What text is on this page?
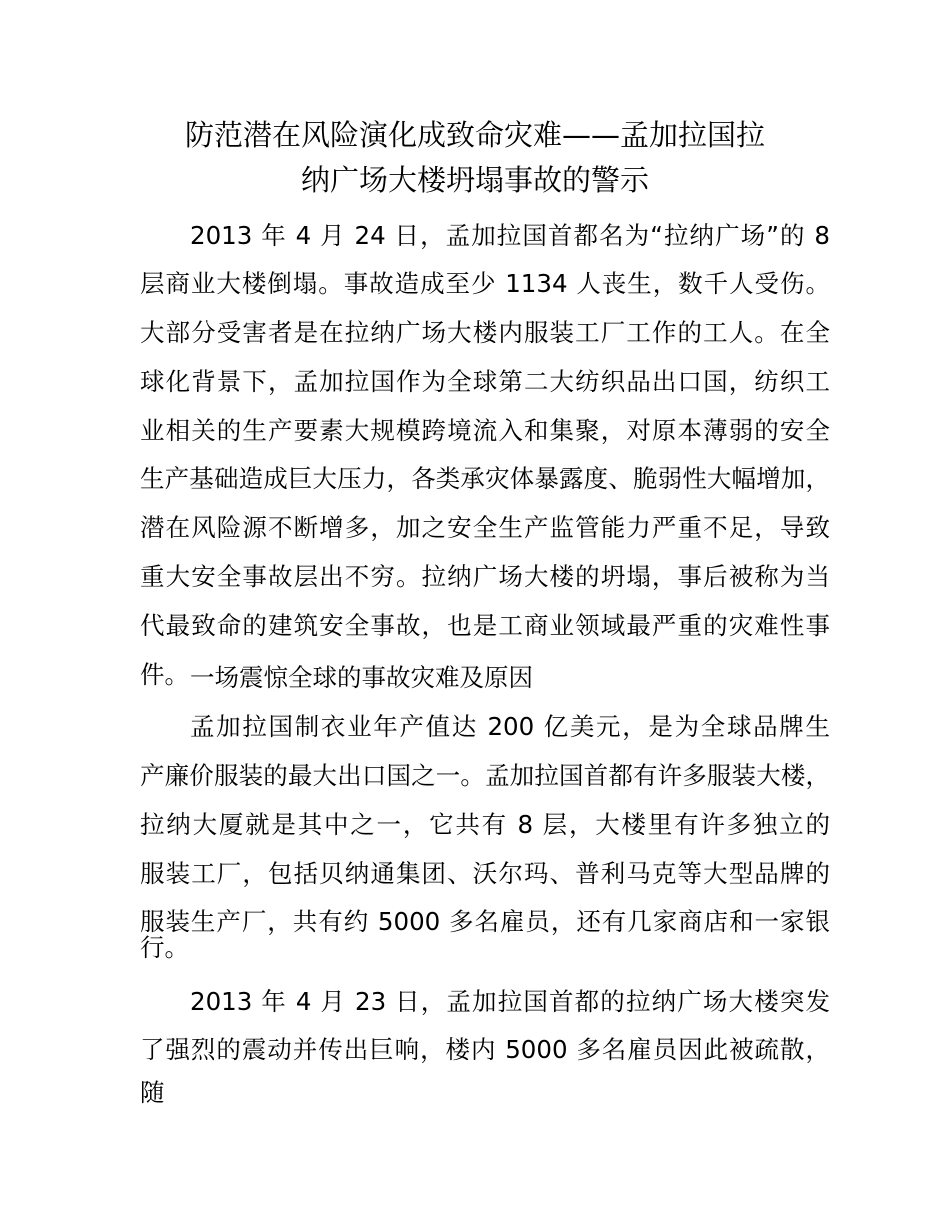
防范潜在风险演化成致命灾难——孟加拉国拉
纳广场大楼坍塌事故的警示
2013 年 4 月 24 日，孟加拉国首都名为“拉纳广场”的 8
层商业大楼倒塌。事故造成至少 1134 人丧生，数千人受伤。
大部分受害者是在拉纳广场大楼内服装工厂工作的工人。在全
球化背景下，孟加拉国作为全球第二大纺织品出口国，纺织工
业相关的生产要素大规模跨境流入和集聚，对原本薄弱的安全
生产基础造成巨大压力，各类承灾体暴露度、脆弱性大幅增加，
潜在风险源不断增多，加之安全生产监管能力严重不足，导致
重大安全事故层出不穷。拉纳广场大楼的坍塌，事后被称为当
代最致命的建筑安全事故，也是工商业领域最严重的灾难性事
件。 一场震惊全球的事故灾难及原因
孟加拉国制衣业年产值达 200 亿美元，是为全球品牌生
产廉价服装的最大出口国之一。孟加拉国首都有许多服装大楼，
拉纳大厦就是其中之一，它共有 8 层，大楼里有许多独立的
服装工厂，包括贝纳通集团、沃尔玛、普利马克等大型品牌的
服装生产厂，共有约 5000 多名雇员，还有几家商店和一家银
行。
2013 年 4 月 23 日，孟加拉国首都的拉纳广场大楼突发
了强烈的震动并传出巨响，楼内 5000 多名雇员因此被疏散，
随
